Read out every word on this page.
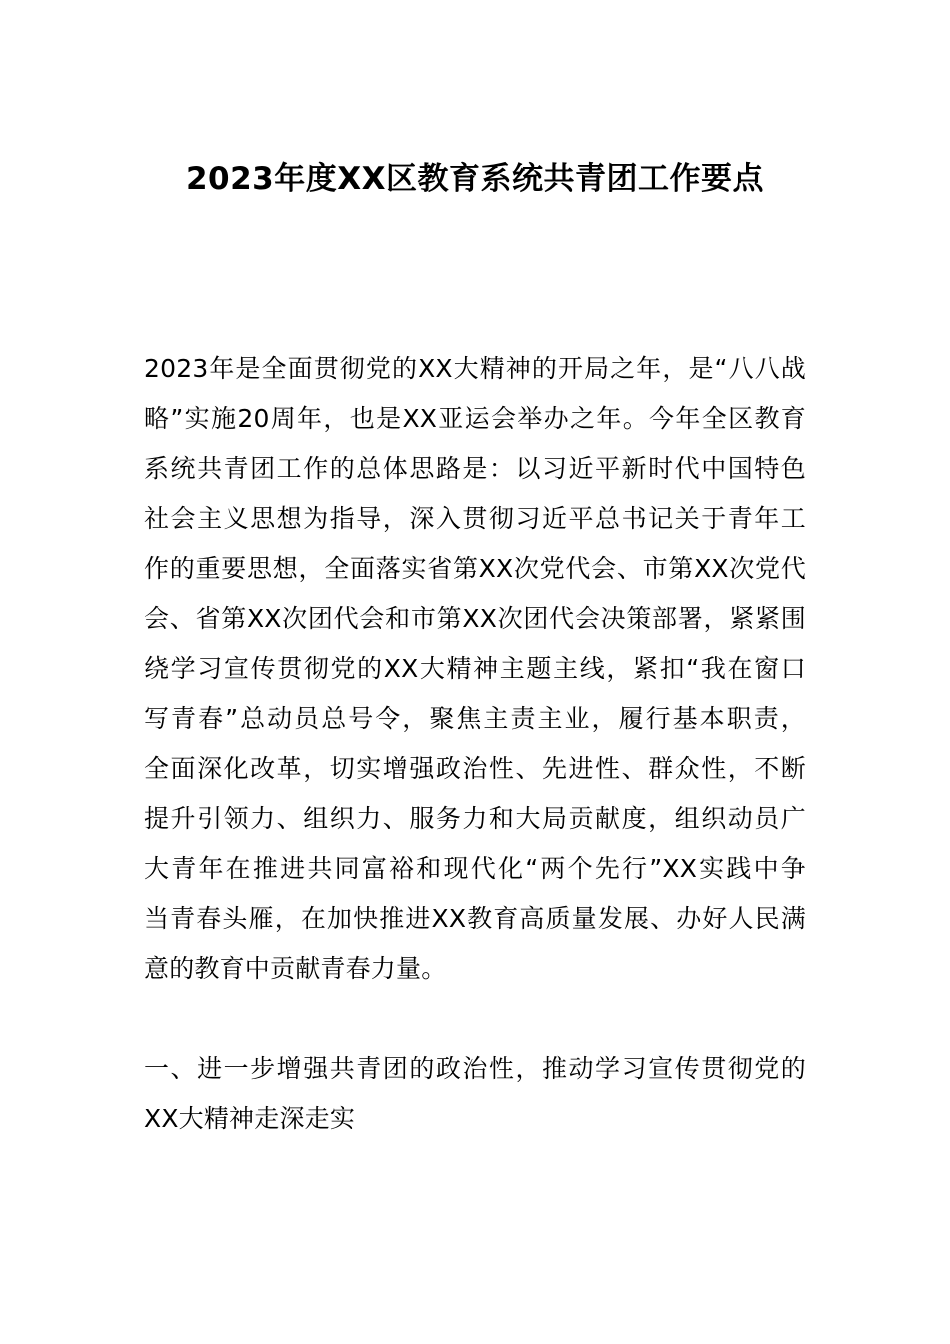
2023年度XX区教育系统共青团工作要点
2023年是全面贯彻党的XX大精神的开局之年，是“八八战
略”实施20周年，也是XX亚运会举办之年。今年全区教育
系统共青团工作的总体思路是：以习近平新时代中国特色
社会主义思想为指导，深入贯彻习近平总书记关于青年工
作的重要思想，全面落实省第XX次党代会、市第XX次党代
会、省第XX次团代会和市第XX次团代会决策部署，紧紧围
绕学习宣传贯彻党的XX大精神主题主线，紧扣“我在窗口
写青春”总动员总号令，聚焦主责主业，履行基本职责，
全面深化改革，切实增强政治性、先进性、群众性，不断
提升引领力、组织力、服务力和大局贡献度，组织动员广
大青年在推进共同富裕和现代化“两个先行”XX实践中争
当青春头雁，在加快推进XX教育高质量发展、办好人民满
意的教育中贡献青春力量。
一、进一步增强共青团的政治性，推动学习宣传贯彻党的
XX大精神走深走实
